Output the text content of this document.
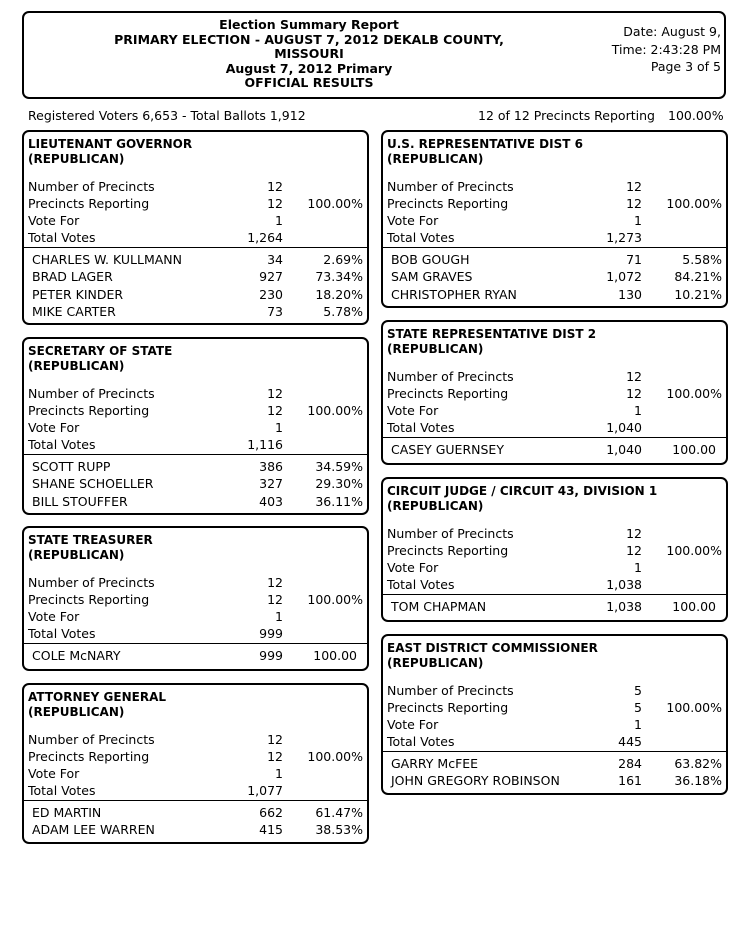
Election Summary Report
PRIMARY ELECTION - AUGUST 7, 2012 DEKALB COUNTY, MISSOURI
August 7, 2012 Primary
OFFICIAL RESULTS
Date: August 9,
Time: 2:43:28 PM
Page 3 of 5
Registered Voters 6,653 - Total Ballots 1,912	12 of 12 Precincts Reporting 100.00%
LIEUTENANT GOVERNOR
(REPUBLICAN)
Number of Precincts	12
Precincts Reporting	12 100.00%
Vote For	1
Total Votes	1,264
CHARLES W. KULLMANN	34	2.69%
BRAD LAGER	927	73.34%
PETER KINDER	230	18.20%
MIKE CARTER	73	5.78%
SECRETARY OF STATE
(REPUBLICAN)
Number of Precincts	12
Precincts Reporting	12 100.00%
Vote For	1
Total Votes	1,116
SCOTT RUPP	386	34.59%
SHANE SCHOELLER	327	29.30%
BILL STOUFFER	403	36.11%
STATE TREASURER
(REPUBLICAN)
Number of Precincts	12
Precincts Reporting	12 100.00%
Vote For	1
Total Votes	999
COLE McNARY	999 100.00
ATTORNEY GENERAL
(REPUBLICAN)
Number of Precincts	12
Precincts Reporting	12 100.00%
Vote For	1
Total Votes	1,077
ED MARTIN	662	61.47%
ADAM LEE WARREN	415	38.53%
U.S. REPRESENTATIVE DIST 6
(REPUBLICAN)
Number of Precincts	12
Precincts Reporting	12 100.00%
Vote For	1
Total Votes	1,273
BOB GOUGH	71	5.58%
SAM GRAVES	1,072	84.21%
CHRISTOPHER RYAN	130	10.21%
STATE REPRESENTATIVE DIST 2
(REPUBLICAN)
Number of Precincts	12
Precincts Reporting	12 100.00%
Vote For	1
Total Votes	1,040
CASEY GUERNSEY	1,040 100.00
CIRCUIT JUDGE / CIRCUIT 43, DIVISION 1
(REPUBLICAN)
Number of Precincts	12
Precincts Reporting	12 100.00%
Vote For	1
Total Votes	1,038
TOM CHAPMAN	1,038 100.00
EAST DISTRICT COMMISSIONER
(REPUBLICAN)
Number of Precincts	5
Precincts Reporting	5 100.00%
Vote For	1
Total Votes	445
GARRY McFEE	284	63.82%
JOHN GREGORY ROBINSON	161	36.18%
